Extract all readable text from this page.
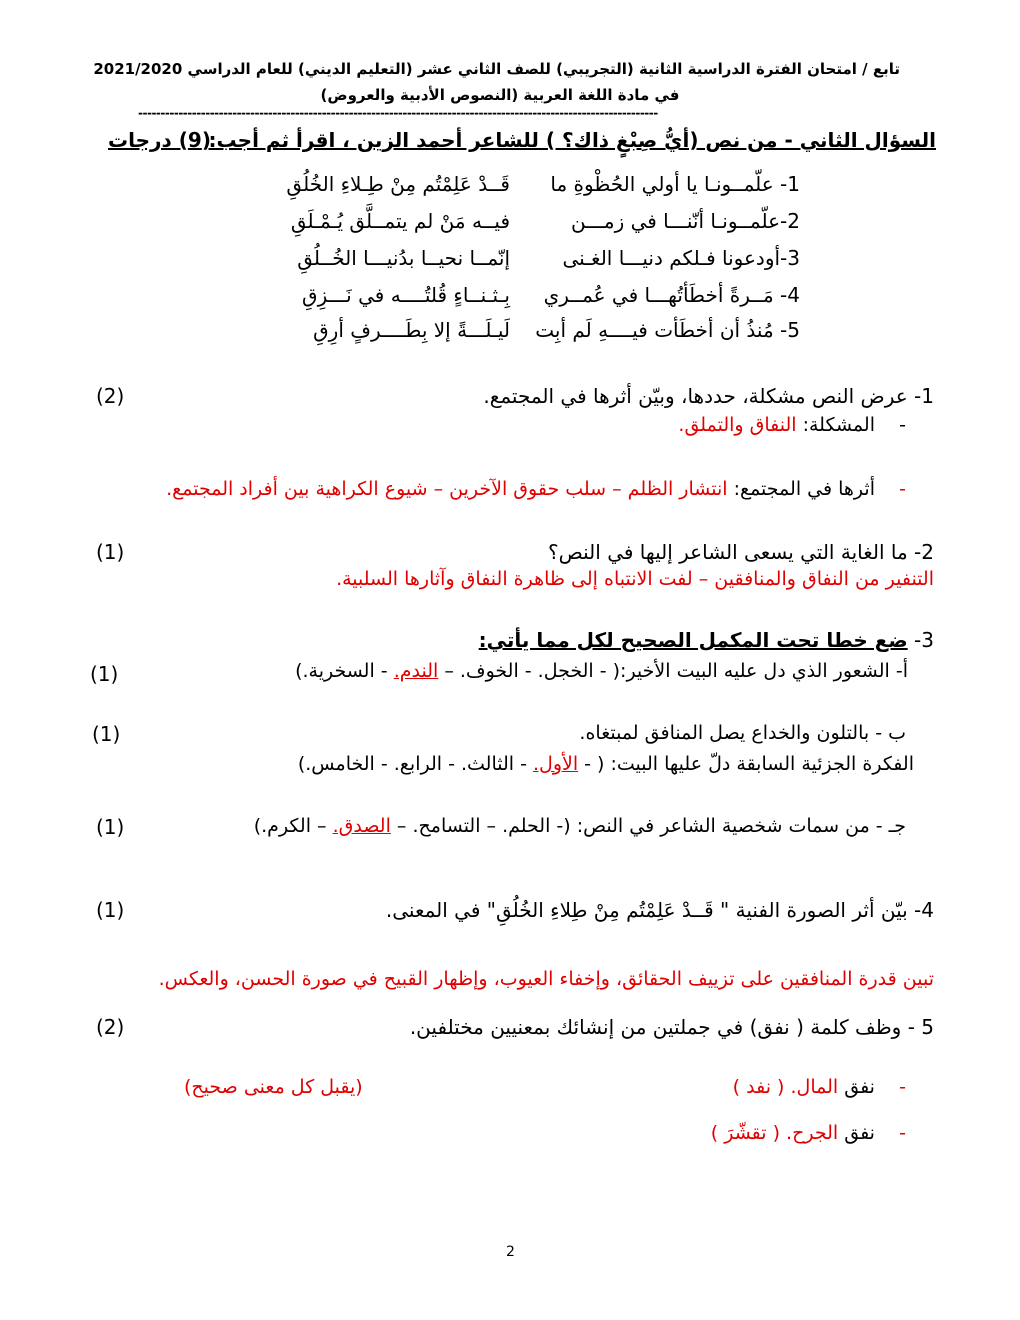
تابع / امتحان الفترة الدراسية الثانية (التجريبي) للصف الثاني عشر (التعليم الديني) للعام الدراسي 2021/2020
في مادة اللغة العربية (النصوص الأدبية والعروض)
--------------------------------------------------------------------------------------------------------------------
السؤال الثاني - من نص (أيُّ صِبْغٍ ذاك؟ ) للشاعر أحمد الزين ، اقرأ ثم أجب:
(9) درجات
1- علّمــونـا يا أولي الحُظْوةِ ما
قَــدْ عَلِمْتُم مِنْ طِـلاءِ الخُلُقِ
2-علّمــونـا أنّنـــا في زمـــن
فيــه مَنْ لم يتمــلَّق يُـمْـلَقِ
3-أودعونا فـلكم دنيـــا الغـنى
إنّمــا نحيــا بدُنيـــا الخُــلُقِ
4- مَــرةً أخطَأتُهـــا في عُمــري
بِـثـنــاءٍ قُلتُــــه في نَـــزِقِ
5- مُنذُ أن أخطَأت فيــــهِ لَم أبِت
لَيـلَـــةً إلا بِطَــــرفٍ أرِقِ
1- عرض النص مشكلة، حددها، وبيّن أثرها في المجتمع.
(2)
-    المشكلة: النفاق والتملق.
-    أثرها في المجتمع: انتشار الظلم – سلب حقوق الآخرين – شيوع الكراهية بين أفراد المجتمع.
2- ما الغاية التي يسعى الشاعر إليها في النص؟
(1)
التنفير من النفاق والمنافقين – لفت الانتباه إلى ظاهرة النفاق وآثارها السلبية.
3- ضع خطا تحت المكمل الصحيح لكل مما يأتي:
أ- الشعور الذي دل عليه البيت الأخير:( - الخجل. - الخوف. – الندم. - السخرية.)
(1)
ب - بالتلون والخداع يصل المنافق لمبتغاه.
(1)
الفكرة الجزئية السابقة دلّ عليها البيت: ( - الأول. - الثالث. - الرابع. - الخامس.)
جـ - من سمات شخصية الشاعر في النص: (- الحلم. – التسامح. – الصدق. – الكرم.)
(1)
4- بيّن أثر الصورة الفنية " قَــدْ عَلِمْتُم مِنْ طِلاءِ الخُلُقِ" في المعنى.
(1)
تبين قدرة المنافقين على تزييف الحقائق، وإخفاء العيوب، وإظهار القبيح في صورة الحسن، والعكس.
5 - وظف كلمة ( نفق) في جملتين من إنشائك بمعنيين مختلفين.
(2)
-    نفق المال. ( نفد )
(يقبل كل معنى صحيح)
-    نفق الجرح. ( تقشّرَ )
2
